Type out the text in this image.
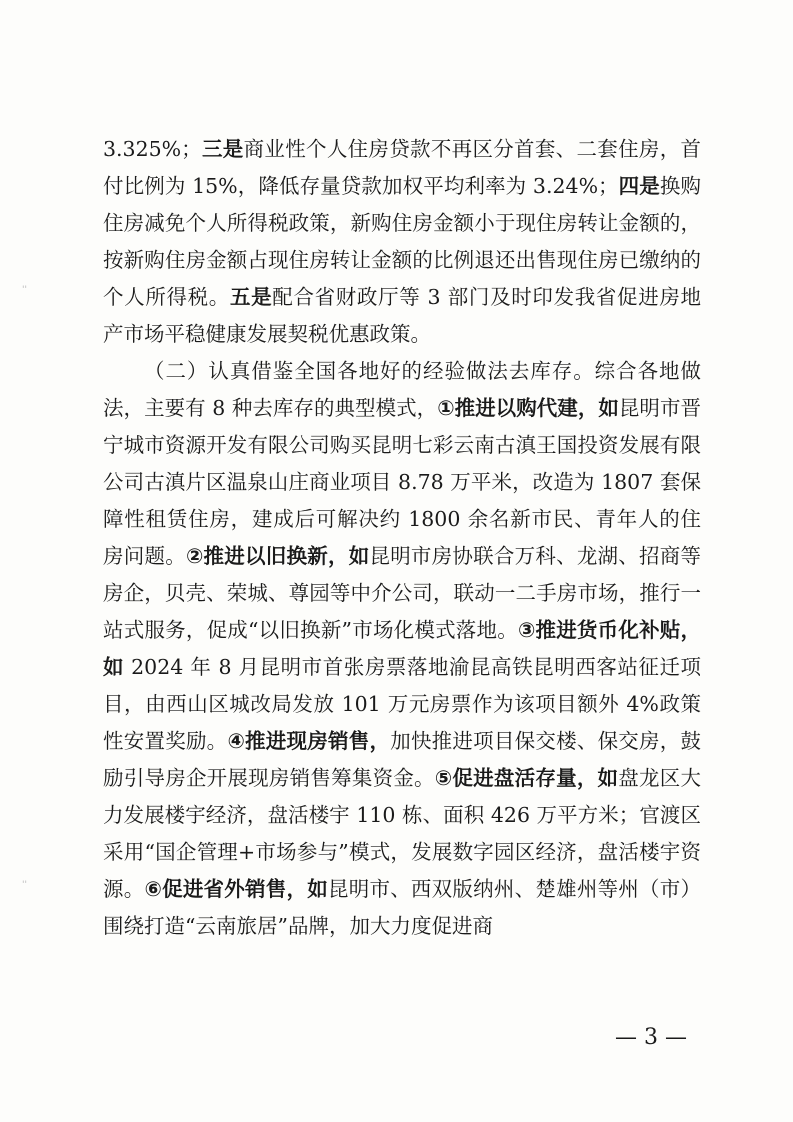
''
''

3.325%；三是商业性个人住房贷款不再区分首套、二套住房，首付比例为 15%，降低存量贷款加权平均利率为 3.24%；四是换购住房减免个人所得税政策，新购住房金额小于现住房转让金额的，按新购住房金额占现住房转让金额的比例退还出售现住房已缴纳的个人所得税。五是配合省财政厅等 3 部门及时印发我省促进房地产市场平稳健康发展契税优惠政策。

（二）认真借鉴全国各地好的经验做法去库存。综合各地做法，主要有 8 种去库存的典型模式，①推进以购代建，如昆明市晋宁城市资源开发有限公司购买昆明七彩云南古滇王国投资发展有限公司古滇片区温泉山庄商业项目 8.78 万平米，改造为 1807 套保障性租赁住房，建成后可解决约 1800 余名新市民、青年人的住房问题。②推进以旧换新，如昆明市房协联合万科、龙湖、招商等房企，贝壳、荣城、尊园等中介公司，联动一二手房市场，推行一站式服务，促成“以旧换新”市场化模式落地。③推进货币化补贴，如 2024 年 8 月昆明市首张房票落地渝昆高铁昆明西客站征迁项目，由西山区城改局发放 101 万元房票作为该项目额外 4%政策性安置奖励。④推进现房销售，加快推进项目保交楼、保交房，鼓励引导房企开展现房销售筹集资金。⑤促进盘活存量，如盘龙区大力发展楼宇经济，盘活楼宇 110 栋、面积 426 万平方米；官渡区采用“国企管理+市场参与”模式，发展数字园区经济，盘活楼宇资源。⑥促进省外销售，如昆明市、西双版纳州、楚雄州等州（市）围绕打造“云南旅居”品牌，加大力度促进商

— 3 —
